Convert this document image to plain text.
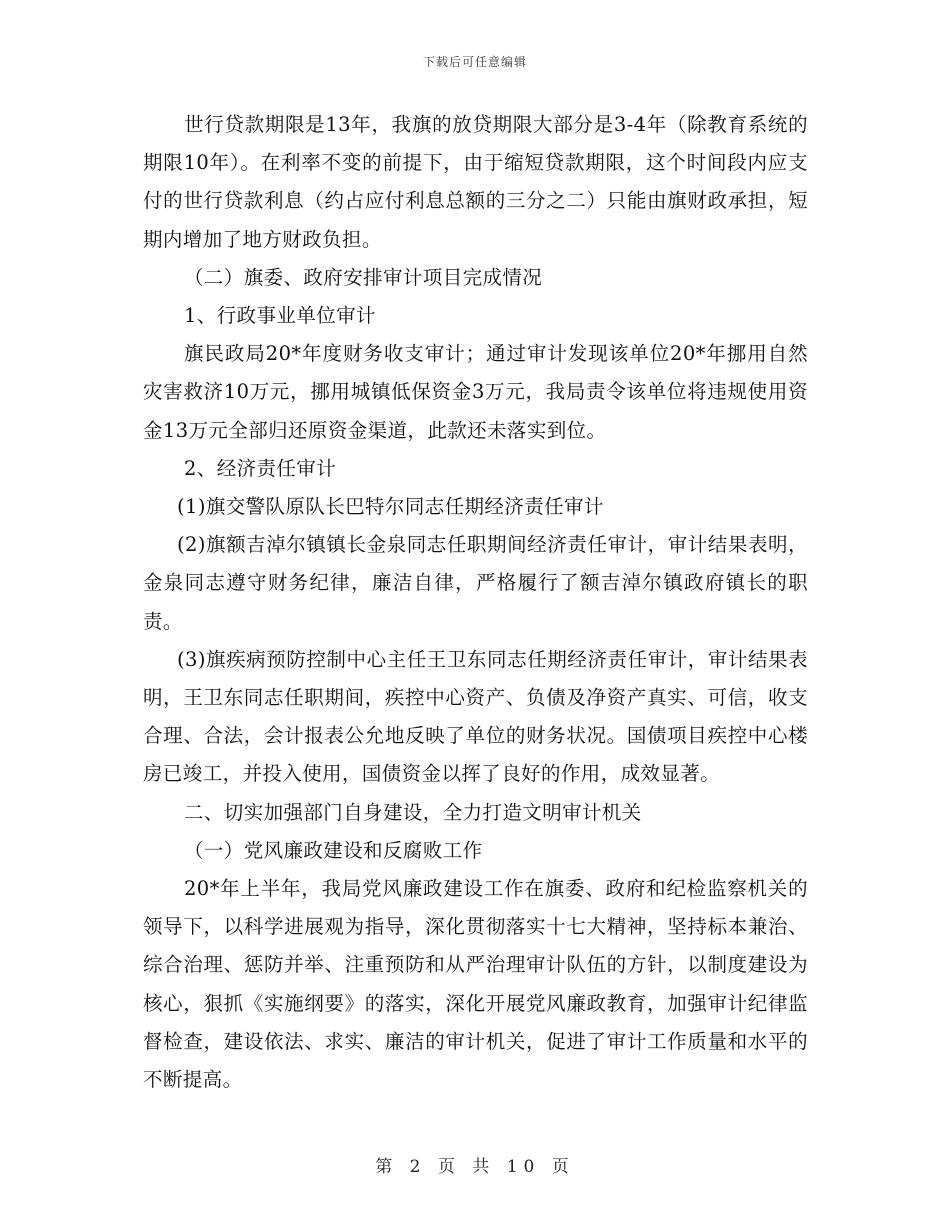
下载后可任意编辑

世行贷款期限是13年，我旗的放贷期限大部分是3-4年（除教育系统的期限10年）。在利率不变的前提下，由于缩短贷款期限，这个时间段内应支付的世行贷款利息（约占应付利息总额的三分之二）只能由旗财政承担，短期内增加了地方财政负担。

（二）旗委、政府安排审计项目完成情况

1、行政事业单位审计

旗民政局20*年度财务收支审计；通过审计发现该单位20*年挪用自然灾害救济10万元，挪用城镇低保资金3万元，我局责令该单位将违规使用资金13万元全部归还原资金渠道，此款还未落实到位。

2、经济责任审计

(1)旗交警队原队长巴特尔同志任期经济责任审计

(2)旗额吉淖尔镇镇长金泉同志任职期间经济责任审计，审计结果表明，金泉同志遵守财务纪律，廉洁自律，严格履行了额吉淖尔镇政府镇长的职责。

(3)旗疾病预防控制中心主任王卫东同志任期经济责任审计，审计结果表明，王卫东同志任职期间，疾控中心资产、负债及净资产真实、可信，收支合理、合法，会计报表公允地反映了单位的财务状况。国债项目疾控中心楼房已竣工，并投入使用，国债资金以挥了良好的作用，成效显著。

二、切实加强部门自身建设，全力打造文明审计机关

（一）党风廉政建设和反腐败工作

20*年上半年，我局党风廉政建设工作在旗委、政府和纪检监察机关的领导下，以科学进展观为指导，深化贯彻落实十七大精神，坚持标本兼治、综合治理、惩防并举、注重预防和从严治理审计队伍的方针，以制度建设为核心，狠抓《实施纲要》的落实，深化开展党风廉政教育，加强审计纪律监督检查，建设依法、求实、廉洁的审计机关，促进了审计工作质量和水平的不断提高。

第 2 页 共 10 页
